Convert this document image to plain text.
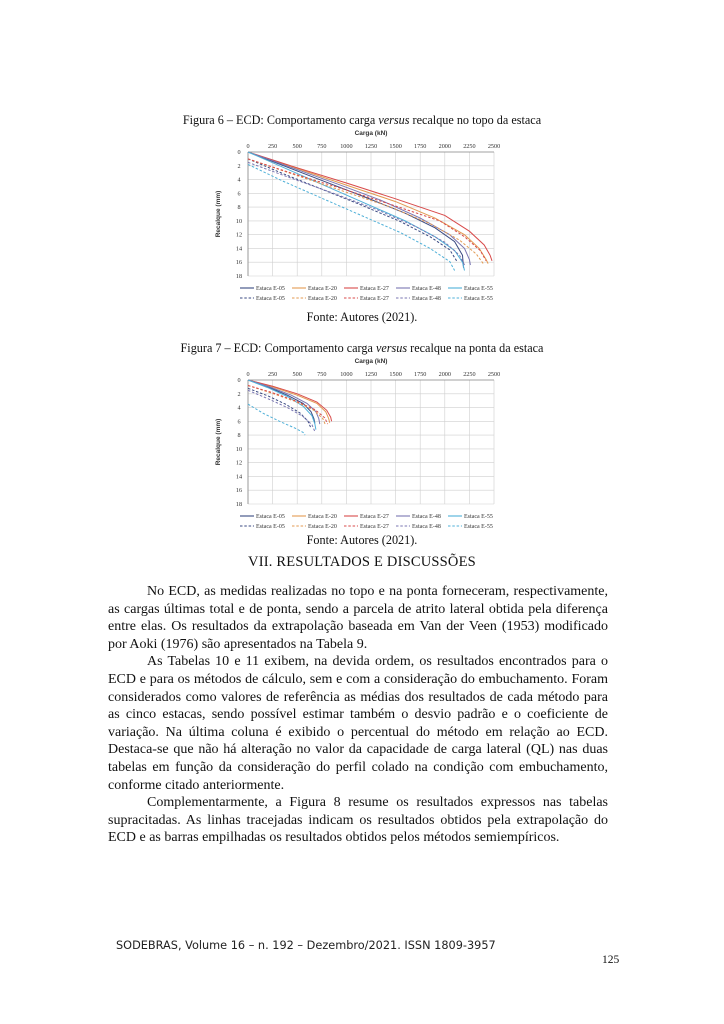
Figura 6 – ECD: Comportamento carga versus recalque no topo da estaca
Carga (kN)
Recalque (mm)
0	250 500 750 1000 1250 1500 1750 2000 2250 2500
0
2
4
6
8
10
12
14
16
18
Estaca E-05	Estaca E-20	Estaca E-27	Estaca E-48	Estaca E-55
Estaca E-05	Estaca E-20	Estaca E-27	Estaca E-48	Estaca E-55
Fonte: Autores (2021).
Figura 7 – ECD: Comportamento carga versus recalque na ponta da estaca
Carga (kN)
Recalque (mm)
0	250 500 750 1000 1250 1500 1750 2000 2250 2500
0
2
4
6
8
10
12
14
16
18
Estaca E-05	Estaca E-20	Estaca E-27	Estaca E-48	Estaca E-55
Estaca E-05	Estaca E-20	Estaca E-27	Estaca E-48	Estaca E-55
Fonte: Autores (2021).
VII. RESULTADOS E DISCUSSÕES

No ECD, as medidas realizadas no topo e na ponta forneceram, respectivamente, as cargas últimas total e de ponta, sendo a parcela de atrito lateral obtida pela diferença entre elas. Os resultados da extrapolação baseada em Van der Veen (1953) modificado por Aoki (1976) são apresentados na Tabela 9.

As Tabelas 10 e 11 exibem, na devida ordem, os resultados encontrados para o ECD e para os métodos de cálculo, sem e com a consideração do embuchamento. Foram considerados como valores de referência as médias dos resultados de cada método para as cinco estacas, sendo possível estimar também o desvio padrão e o coeficiente de variação. Na última coluna é exibido o percentual do método em relação ao ECD. Destaca-se que não há alteração no valor da capacidade de carga lateral (QL) nas duas tabelas em função da consideração do perfil colado na condição com embuchamento, conforme citado anteriormente.

Complementarmente, a Figura 8 resume os resultados expressos nas tabelas supracitadas. As linhas tracejadas indicam os resultados obtidos pela extrapolação do ECD e as barras empilhadas os resultados obtidos pelos métodos semiempíricos.

SODEBRAS, Volume 16 – n. 192 – Dezembro/2021. ISSN 1809-3957
125
